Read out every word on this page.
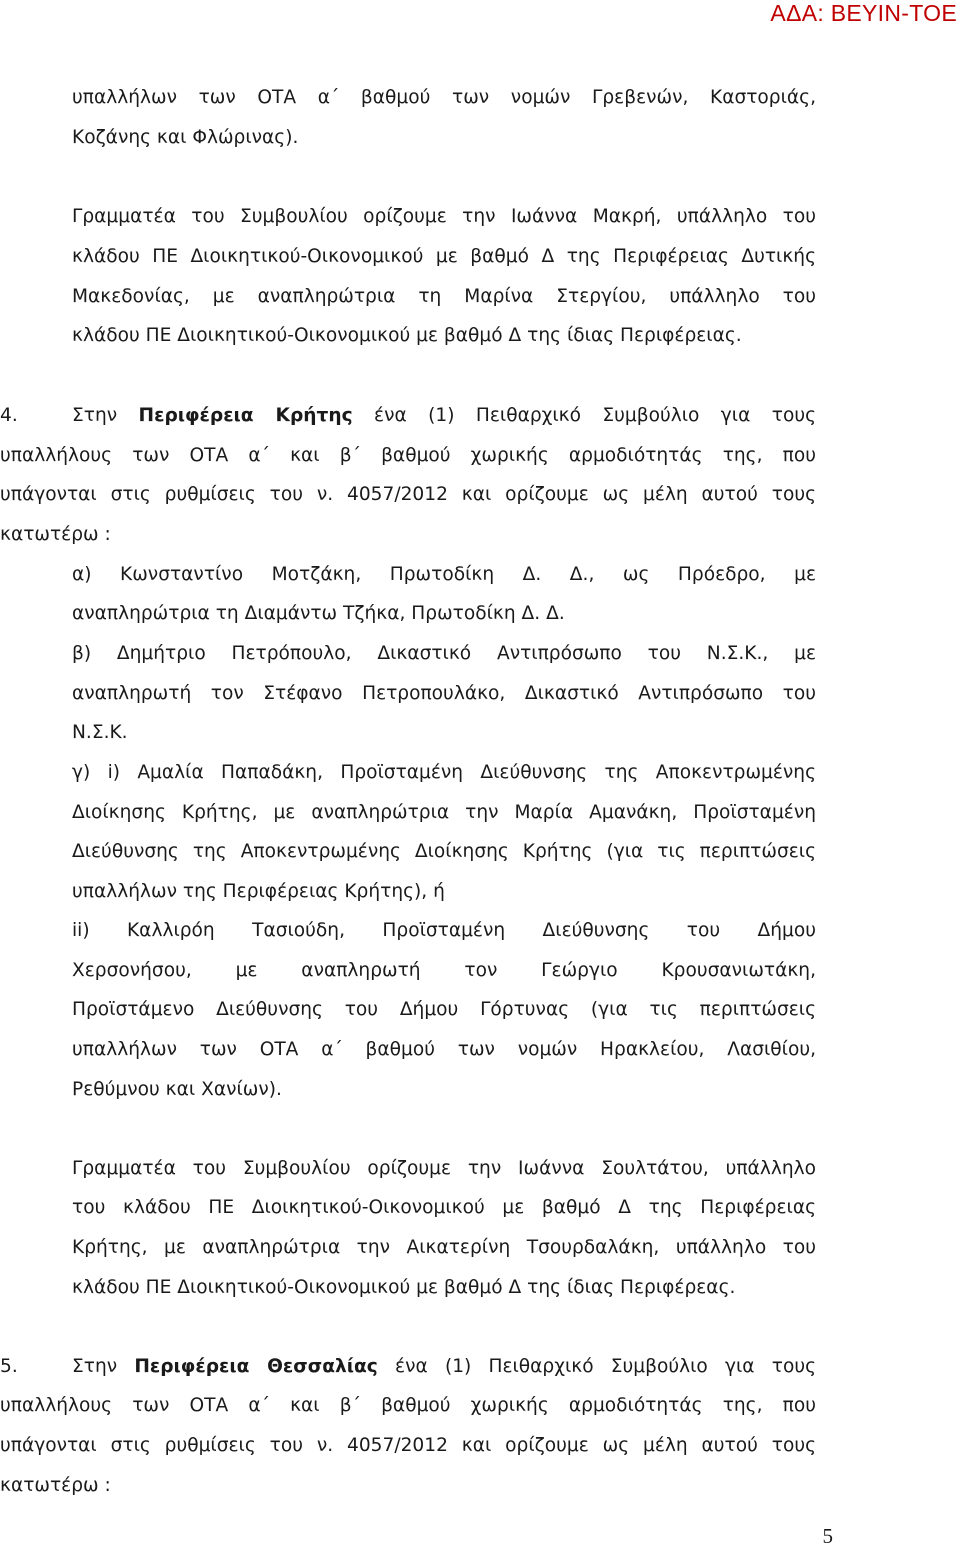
ΑΔΑ: ΒΕΥΙΝ-ΤΟΕ
υπαλλήλων των ΟΤΑ α΄ βαθμού των νομών Γρεβενών, Καστοριάς,
Κοζάνης και Φλώρινας).
Γραμματέα του Συμβουλίου ορίζουμε την Ιωάννα Μακρή, υπάλληλο του
κλάδου ΠΕ Διοικητικού-Οικονομικού με βαθμό Δ της Περιφέρειας Δυτικής
Μακεδονίας, με αναπληρώτρια τη Μαρίνα Στεργίου, υπάλληλο του
κλάδου ΠΕ Διοικητικού-Οικονομικού με βαθμό Δ της ίδιας Περιφέρειας.
4.	Στην Περιφέρεια Κρήτης ένα (1) Πειθαρχικό Συμβούλιο για τους
υπαλλήλους των ΟΤΑ α΄ και β΄ βαθμού χωρικής αρμοδιότητάς της, που
υπάγονται στις ρυθμίσεις του ν. 4057/2012 και ορίζουμε ως μέλη αυτού τους
κατωτέρω :
α) Κωνσταντίνο Μοτζάκη, Πρωτοδίκη Δ. Δ., ως Πρόεδρο, με
αναπληρώτρια τη Διαμάντω Τζήκα, Πρωτοδίκη Δ. Δ.
β) Δημήτριο Πετρόπουλο, Δικαστικό Αντιπρόσωπο του Ν.Σ.Κ., με
αναπληρωτή τον Στέφανο Πετροπουλάκο, Δικαστικό Αντιπρόσωπο του
Ν.Σ.Κ.
γ) i) Αμαλία Παπαδάκη, Προϊσταμένη Διεύθυνσης της Αποκεντρωμένης
Διοίκησης Κρήτης, με αναπληρώτρια την Μαρία Αμανάκη, Προϊσταμένη
Διεύθυνσης της Αποκεντρωμένης Διοίκησης Κρήτης (για τις περιπτώσεις
υπαλλήλων της Περιφέρειας Κρήτης), ή
ii) Καλλιρόη Τασιούδη, Προϊσταμένη Διεύθυνσης του Δήμου
Χερσονήσου, με αναπληρωτή τον Γεώργιο Κρουσανιωτάκη,
Προϊστάμενο Διεύθυνσης του Δήμου Γόρτυνας (για τις περιπτώσεις
υπαλλήλων των ΟΤΑ α΄ βαθμού των νομών Ηρακλείου, Λασιθίου,
Ρεθύμνου και Χανίων).
Γραμματέα του Συμβουλίου ορίζουμε την Ιωάννα Σουλτάτου, υπάλληλο
του κλάδου ΠΕ Διοικητικού-Οικονομικού με βαθμό Δ της Περιφέρειας
Κρήτης, με αναπληρώτρια την Αικατερίνη Τσουρδαλάκη, υπάλληλο του
κλάδου ΠΕ Διοικητικού-Οικονομικού με βαθμό Δ της ίδιας Περιφέρεας.
5.	Στην Περιφέρεια Θεσσαλίας ένα (1) Πειθαρχικό Συμβούλιο για τους
υπαλλήλους των ΟΤΑ α΄ και β΄ βαθμού χωρικής αρμοδιότητάς της, που
υπάγονται στις ρυθμίσεις του ν. 4057/2012 και ορίζουμε ως μέλη αυτού τους
κατωτέρω :
5
